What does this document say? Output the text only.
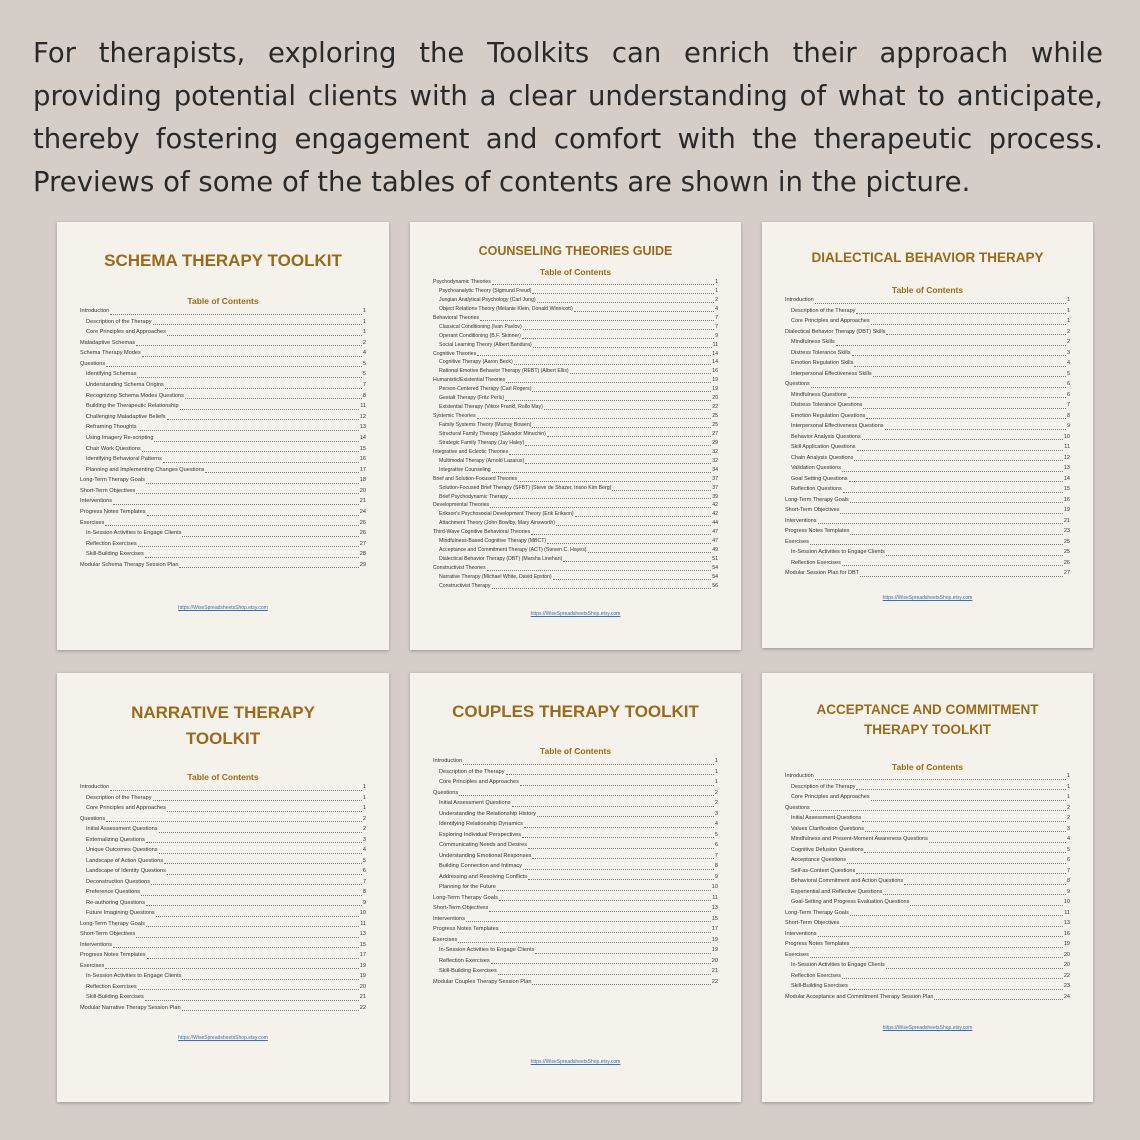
For therapists, exploring the Toolkits can enrich their approach while providing potential clients with a clear understanding of what to anticipate, thereby fostering engagement and comfort with the therapeutic process. Previews of some of the tables of contents are shown in the picture.

SCHEMA THERAPY TOOLKIT
Table of Contents
Introduction	1
Description of the Therapy	1
Core Principles and Approaches	1
Maladaptive Schemas	2
Schema Therapy Modes	4
Questions	5
Identifying Schemas	5
Understanding Schema Origins	7
Recognizing Schema Modes Questions	8
Building the Therapeutic Relationship	11
Challenging Maladaptive Beliefs	12
Reframing Thoughts	13
Using Imagery Re-scripting	14
Chair Work Questions	15
Identifying Behavioral Patterns	16
Planning and Implementing Changes Questions	17
Long-Term Therapy Goals	18
Short-Term Objectives	20
Interventions	21
Progress Notes Templates	24
Exercises	26
In-Session Activities to Engage Clients	26
Reflection Exercises	27
Skill-Building Exercises	28
Modular Schema Therapy Session Plan	29
https://WiseSpreadsheetsShop.etsy.com
COUNSELING THEORIES GUIDE
Table of Contents
Psychodynamic Theories	1
Psychoanalytic Theory (Sigmund Freud)	1
Jungian Analytical Psychology (Carl Jung)	2
Object Relations Theory (Melanie Klein, Donald Winnicott)	4
Behavioral Theories	7
Classical Conditioning (Ivan Pavlov)	7
Operant Conditioning (B.F. Skinner)	9
Social Learning Theory (Albert Bandura)	11
Cognitive Theories	14
Cognitive Therapy (Aaron Beck)	14
Rational Emotive Behavior Therapy (REBT) (Albert Ellis)	16
Humanistic/Existential Theories	19
Person-Centered Therapy (Carl Rogers)	19
Gestalt Therapy (Fritz Perls)	20
Existential Therapy (Viktor Frankl, Rollo May)	22
Systemic Theories	25
Family Systems Theory (Murray Bowen)	25
Structural Family Therapy (Salvador Minuchin)	27
Strategic Family Therapy (Jay Haley)	29
Integrative and Eclectic Theories	32
Multimodal Therapy (Arnold Lazarus)	32
Integrative Counseling	34
Brief and Solution-Focused Theories	37
Solution-Focused Brief Therapy (SFBT) (Steve de Shazer, Insoo Kim Berg)	37
Brief Psychodynamic Therapy	39
Developmental Theories	42
Erikson's Psychosocial Development Theory (Erik Erikson)	42
Attachment Theory (John Bowlby, Mary Ainsworth)	44
Third-Wave Cognitive Behavioral Theories	47
Mindfulness-Based Cognitive Therapy (MBCT)	47
Acceptance and Commitment Therapy (ACT) (Steven C. Hayes)	49
Dialectical Behavior Therapy (DBT) (Marsha Linehan)	51
Constructivist Theories	54
Narrative Therapy (Michael White, David Epston)	54
Constructivist Therapy	56
https://WiseSpreadsheetsShop.etsy.com
DIALECTICAL BEHAVIOR THERAPY
Table of Contents
Introduction	1
Description of the Therapy	1
Core Principles and Approaches	1
Dialectical Behavior Therapy (DBT) Skills	2
Mindfulness Skills	2
Distress Tolerance Skills	3
Emotion Regulation Skills	4
Interpersonal Effectiveness Skills	5
Questions	6
Mindfulness Questions	6
Distress Tolerance Questions	7
Emotion Regulation Questions	8
Interpersonal Effectiveness Questions	9
Behavior Analysis Questions	10
Skill Application Questions	11
Chain Analysis Questions	12
Validation Questions	13
Goal Setting Questions	14
Reflection Questions	15
Long-Term Therapy Goals	16
Short-Term Objectives	19
Interventions	21
Progress Notes Templates	23
Exercises	25
In-Session Activities to Engage Clients	25
Reflection Exercises	26
Modular Session Plan for DBT	27
https://WiseSpreadsheetsShop.etsy.com
NARRATIVE THERAPY TOOLKIT
Table of Contents
Introduction	1
Description of the Therapy	1
Core Principles and Approaches	1
Questions	2
Initial Assessment Questions	2
Externalizing Questions	3
Unique Outcomes Questions	4
Landscape of Action Questions	5
Landscape of Identity Questions	6
Deconstruction Questions	7
Preference Questions	8
Re-authoring Questions	9
Future Imagining Questions	10
Long-Term Therapy Goals	11
Short-Term Objectives	13
Interventions	15
Progress Notes Templates	17
Exercises	19
In-Session Activities to Engage Clients	19
Reflection Exercises	20
Skill-Building Exercises	21
Modular Narrative Therapy Session Plan	22
https://WiseSpreadsheetsShop.etsy.com
COUPLES THERAPY TOOLKIT
Table of Contents
Introduction	1
Description of the Therapy	1
Core Principles and Approaches	1
Questions	2
Initial Assessment Questions	2
Understanding the Relationship History	3
Identifying Relationship Dynamics	4
Exploring Individual Perspectives	5
Communicating Needs and Desires	6
Understanding Emotional Responses	7
Building Connection and Intimacy	8
Addressing and Resolving Conflicts	9
Planning for the Future	10
Long-Term Therapy Goals	11
Short-Term Objectives	13
Interventions	15
Progress Notes Templates	17
Exercises	19
In-Session Activities to Engage Clients	19
Reflection Exercises	20
Skill-Building Exercises	21
Modular Couples Therapy Session Plan	22
https://WiseSpreadsheetsShop.etsy.com
ACCEPTANCE AND COMMITMENT THERAPY TOOLKIT
Table of Contents
Introduction	1
Description of the Therapy	1
Core Principles and Approaches	1
Questions	2
Initial Assessment Questions	2
Values Clarification Questions	3
Mindfulness and Present-Moment Awareness Questions	4
Cognitive Defusion Questions	5
Acceptance Questions	6
Self-as-Context Questions	7
Behavioral Commitment and Action Questions	8
Experiential and Reflective Questions	9
Goal-Setting and Progress Evaluation Questions	10
Long-Term Therapy Goals	11
Short-Term Objectives	13
Interventions	16
Progress Notes Templates	19
Exercises	20
In-Session Activities to Engage Clients	20
Reflection Exercises	22
Skill-Building Exercises	23
Modular Acceptance and Commitment Therapy Session Plan	24
https://WiseSpreadsheetsShop.etsy.com
